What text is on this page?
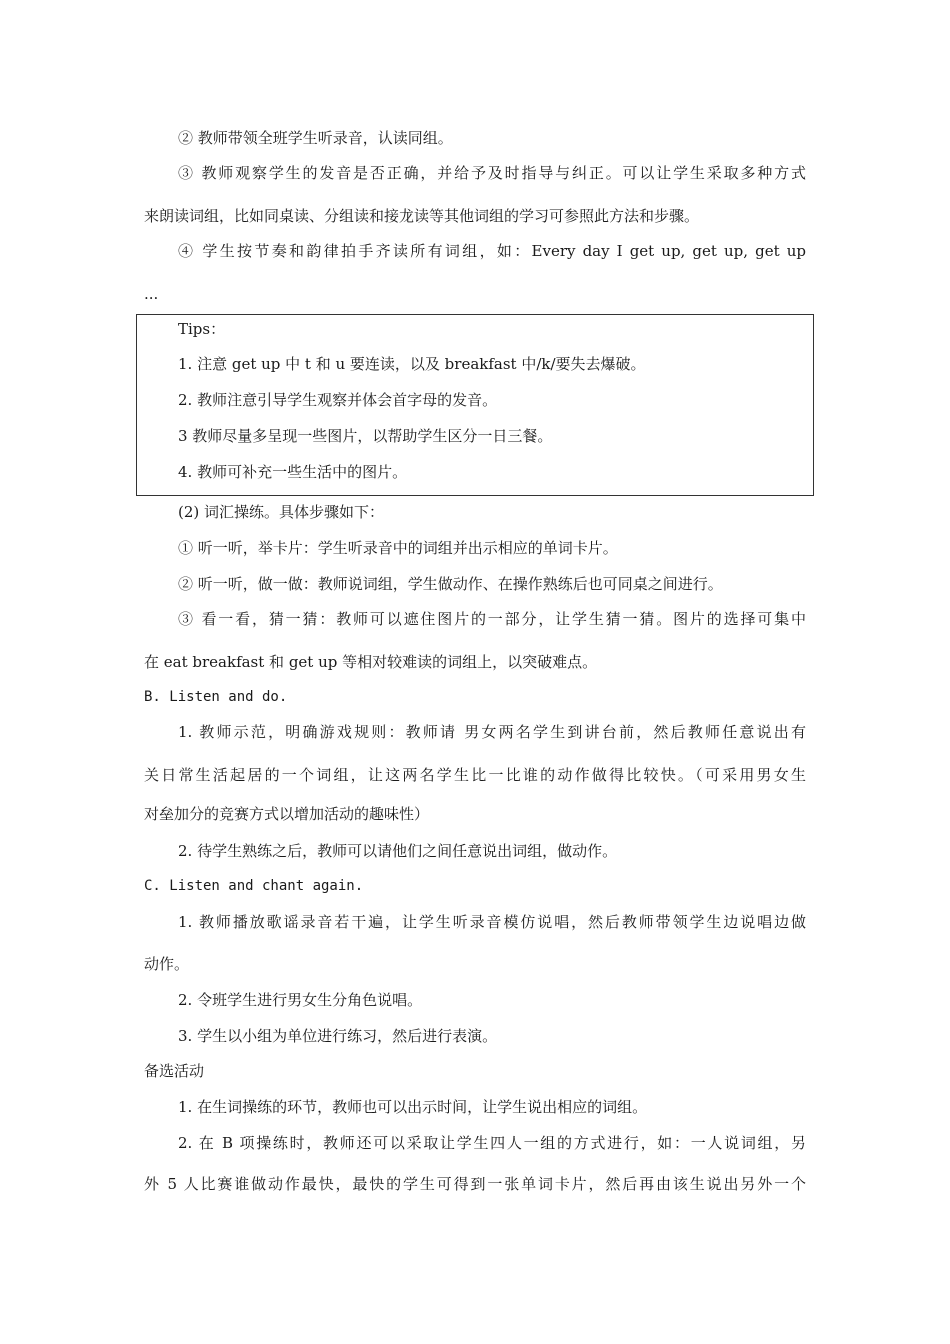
② 教师带领全班学生听录音，认读同组。
③ 教师观察学生的发音是否正确，并给予及时指导与纠正。可以让学生采取多种方式
来朗读词组，比如同桌读、分组读和接龙读等其他词组的学习可参照此方法和步骤。
④ 学生按节奏和韵律拍手齐读所有词组，如：Every day I get up, get up, get up
...
Tips：
1. 注意 get up 中 t 和 u 要连读，以及 breakfast 中/k/要失去爆破。
2. 教师注意引导学生观察并体会首字母的发音。
3 教师尽量多呈现一些图片，以帮助学生区分一日三餐。
4. 教师可补充一些生活中的图片。
(2) 词汇操练。具体步骤如下：
① 听一听，举卡片：学生听录音中的词组并出示相应的单词卡片。
② 听一听，做一做：教师说词组，学生做动作、在操作熟练后也可同桌之间进行。
③ 看一看，猜一猜：教师可以遮住图片的一部分，让学生猜一猜。图片的选择可集中
在 eat breakfast 和 get up 等相对较难读的词组上，以突破难点。
B. Listen and do.
1. 教师示范，明确游戏规则：教师请 男女两名学生到讲台前，然后教师任意说出有
关日常生活起居的一个词组，让这两名学生比一比谁的动作做得比较快。（可采用男女生
对垒加分的竞赛方式以增加活动的趣味性）
2. 待学生熟练之后，教师可以请他们之间任意说出词组，做动作。
C. Listen and chant again.
1. 教师播放歌谣录音若干遍，让学生听录音模仿说唱，然后教师带领学生边说唱边做
动作。
2. 令班学生进行男女生分角色说唱。
3. 学生以小组为单位进行练习，然后进行表演。
备选活动
1. 在生词操练的环节，教师也可以出示时间，让学生说出相应的词组。
2. 在 B 项操练时，教师还可以采取让学生四人一组的方式进行，如：一人说词组，另
外 5 人比赛谁做动作最快，最快的学生可得到一张单词卡片，然后再由该生说出另外一个
